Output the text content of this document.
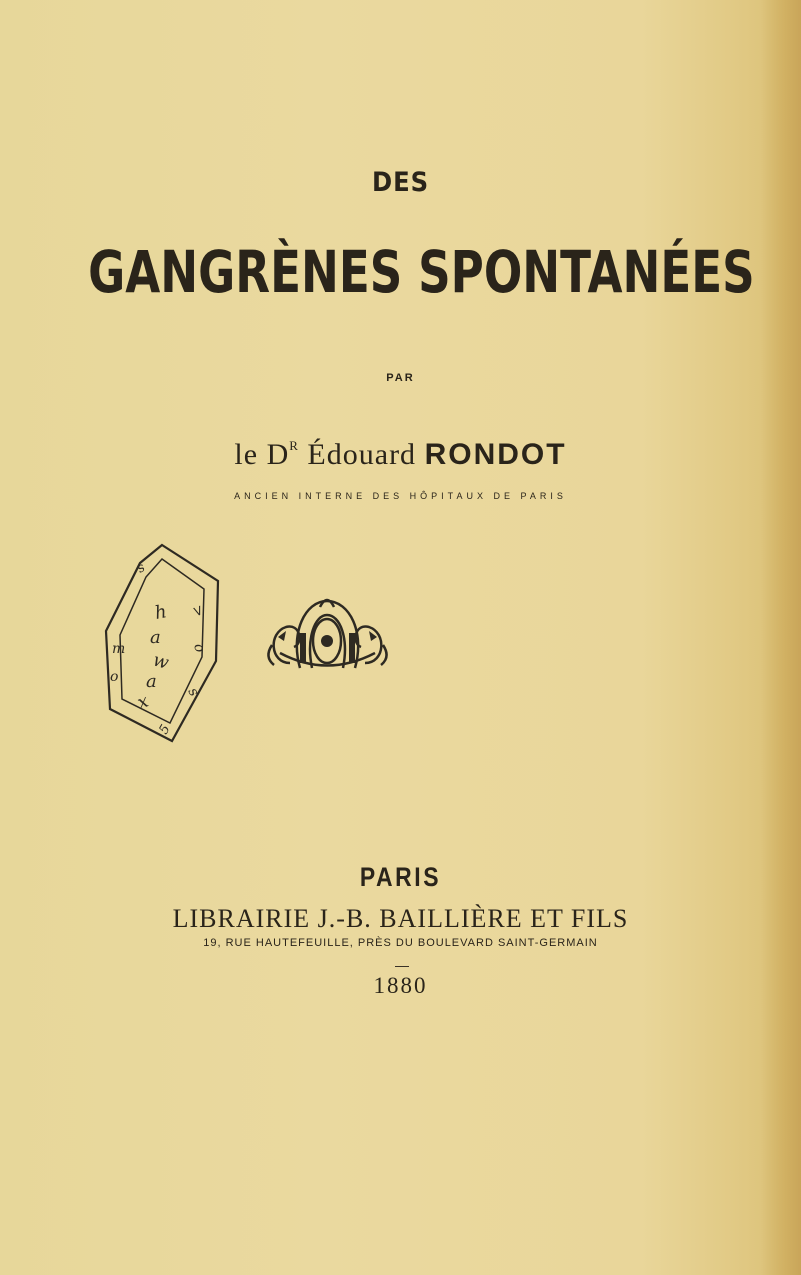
DES
GANGRÈNES SPONTANÉES
PAR
le $D^R$ Édouard RONDOT
ANCIEN INTERNE DES HÔPITAUX DE PARIS
h
a
w
a
x
>
o
s
m
o
s
5
PARIS
LIBRAIRIE J.-B. BAILLIÈRE ET FILS
19, RUE HAUTEFEUILLE, PRÈS DU BOULEVARD SAINT-GERMAIN
1880
